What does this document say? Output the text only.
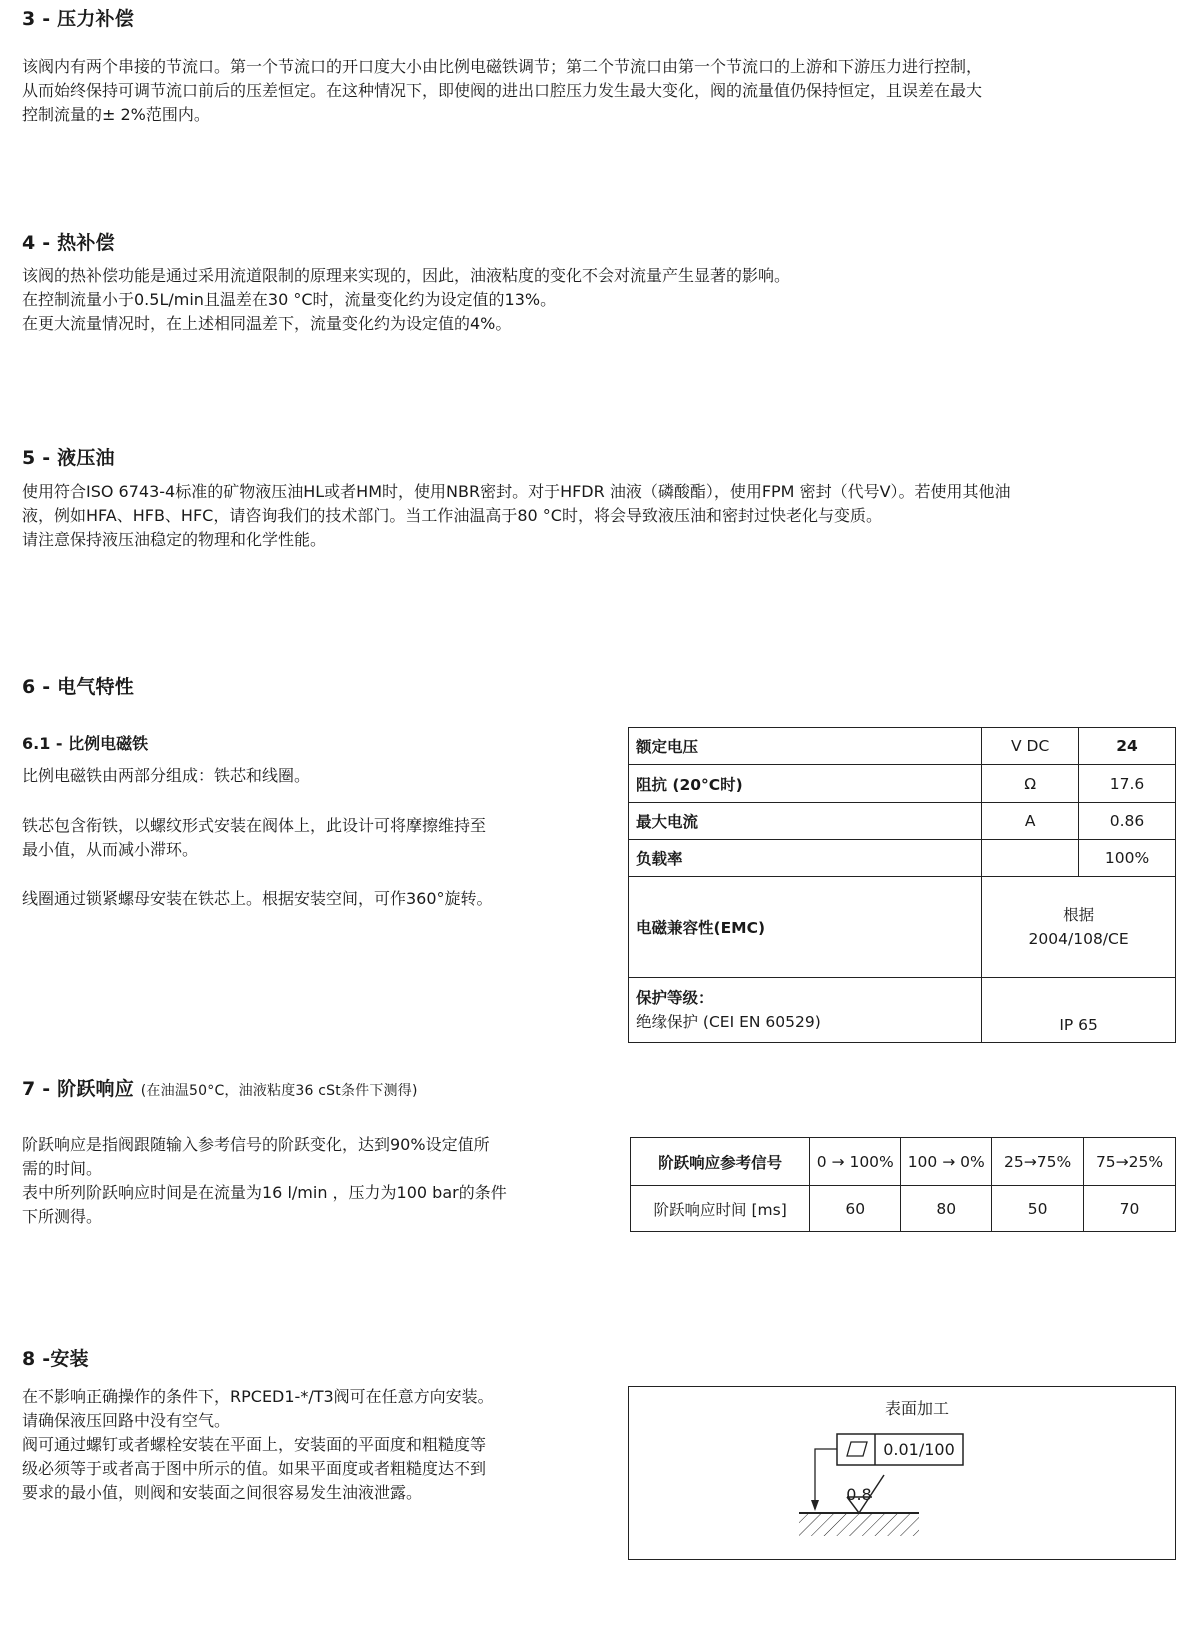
3 - 压力补偿

该阀内有两个串接的节流口。第一个节流口的开口度大小由比例电磁铁调节；第二个节流口由第一个节流口的上游和下游压力进行控制，

从而始终保持可调节流口前后的压差恒定。在这种情况下，即使阀的进出口腔压力发生最大变化，阀的流量值仍保持恒定，且误差在最大

控制流量的± 2%范围内。

4 - 热补偿

该阀的热补偿功能是通过采用流道限制的原理来实现的，因此，油液粘度的变化不会对流量产生显著的影响。

在控制流量小于0.5L/min且温差在30 °C时，流量变化约为设定值的13%。

在更大流量情况时，在上述相同温差下，流量变化约为设定值的4%。

5 - 液压油

使用符合ISO 6743-4标准的矿物液压油HL或者HM时，使用NBR密封。对于HFDR 油液（磷酸酯），使用FPM 密封（代号V）。若使用其他油

液，例如HFA、HFB、HFC，请咨询我们的技术部门。当工作油温高于80 °C时，将会导致液压油和密封过快老化与变质。

请注意保持液压油稳定的物理和化学性能。

6 - 电气特性
6.1 - 比例电磁铁

比例电磁铁由两部分组成：铁芯和线圈。

铁芯包含衔铁，以螺纹形式安装在阀体上，此设计可将摩擦维持至

最小值，从而减小滞环。

线圈通过锁紧螺母安装在铁芯上。根据安装空间，可作360°旋转。

额定电压	V DC	24
阻抗 (20°C时)	Ω	17.6
最大电流	A	0.86
负载率		100%
电磁兼容性(EMC)	根据
2004/108/CE	

保护等级：
绝缘保护 (CEI EN 60529)	IP 65	
7 - 阶跃响应 (在油温50°C，油液粘度36 cSt条件下测得)

阶跃响应是指阀跟随输入参考信号的阶跃变化，达到90%设定值所

需的时间。

表中所列阶跃响应时间是在流量为16 l/min ，压力为100 bar的条件

下所测得。

阶跃响应参考信号	0 → 100%	100 → 0%	25→75%	75→25%
阶跃响应时间 [ms]	60	80	50	70
8 -安装

在不影响正确操作的条件下，RPCED1-*/T3阀可在任意方向安装。

请确保液压回路中没有空气。

阀可通过螺钉或者螺栓安装在平面上，安装面的平面度和粗糙度等

级必须等于或者高于图中所示的值。如果平面度或者粗糙度达不到

要求的最小值，则阀和安装面之间很容易发生油液泄露。

表面加工
0.01/100
0.8
